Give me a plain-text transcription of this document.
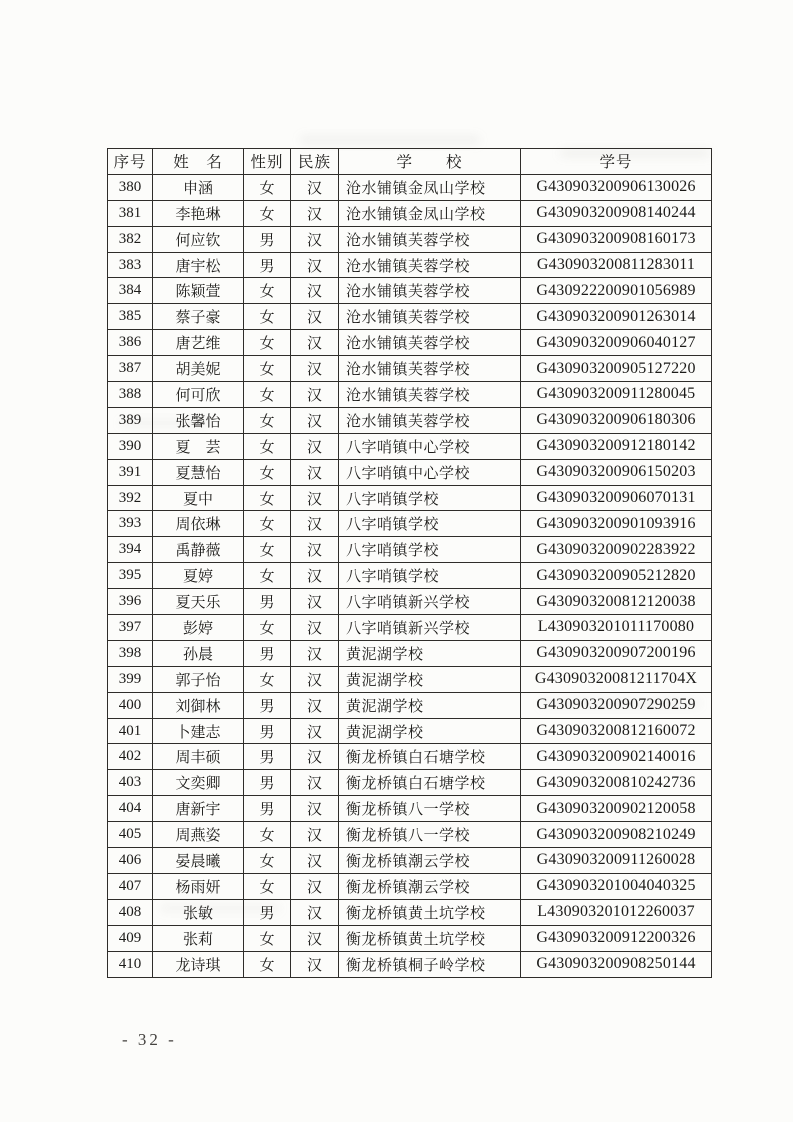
序号	姓　名	性别	民族	学　　校	学号
380	申涵	女	汉	沧水铺镇金凤山学校	G430903200906130026
381	李艳琳	女	汉	沧水铺镇金凤山学校	G430903200908140244
382	何应钦	男	汉	沧水铺镇芙蓉学校	G430903200908160173
383	唐宇松	男	汉	沧水铺镇芙蓉学校	G430903200811283011
384	陈颖萱	女	汉	沧水铺镇芙蓉学校	G430922200901056989
385	蔡子豪	女	汉	沧水铺镇芙蓉学校	G430903200901263014
386	唐艺维	女	汉	沧水铺镇芙蓉学校	G430903200906040127
387	胡美妮	女	汉	沧水铺镇芙蓉学校	G430903200905127220
388	何可欣	女	汉	沧水铺镇芙蓉学校	G430903200911280045
389	张馨怡	女	汉	沧水铺镇芙蓉学校	G430903200906180306
390	夏　芸	女	汉	八字哨镇中心学校	G430903200912180142
391	夏慧怡	女	汉	八字哨镇中心学校	G430903200906150203
392	夏中	女	汉	八字哨镇学校	G430903200906070131
393	周依琳	女	汉	八字哨镇学校	G430903200901093916
394	禹静薇	女	汉	八字哨镇学校	G430903200902283922
395	夏婷	女	汉	八字哨镇学校	G430903200905212820
396	夏天乐	男	汉	八字哨镇新兴学校	G430903200812120038
397	彭婷	女	汉	八字哨镇新兴学校	L430903201011170080
398	孙晨	男	汉	黄泥湖学校	G430903200907200196
399	郭子怡	女	汉	黄泥湖学校	G43090320081211704X
400	刘御林	男	汉	黄泥湖学校	G430903200907290259
401	卜建志	男	汉	黄泥湖学校	G430903200812160072
402	周丰硕	男	汉	衡龙桥镇白石塘学校	G430903200902140016
403	文奕卿	男	汉	衡龙桥镇白石塘学校	G430903200810242736
404	唐新宇	男	汉	衡龙桥镇八一学校	G430903200902120058
405	周燕姿	女	汉	衡龙桥镇八一学校	G430903200908210249
406	晏晨曦	女	汉	衡龙桥镇潮云学校	G430903200911260028
407	杨雨妍	女	汉	衡龙桥镇潮云学校	G430903201004040325
408	张敏	男	汉	衡龙桥镇黄土坑学校	L430903201012260037
409	张莉	女	汉	衡龙桥镇黄土坑学校	G430903200912200326
410	龙诗琪	女	汉	衡龙桥镇桐子岭学校	G430903200908250144
- 32 -
